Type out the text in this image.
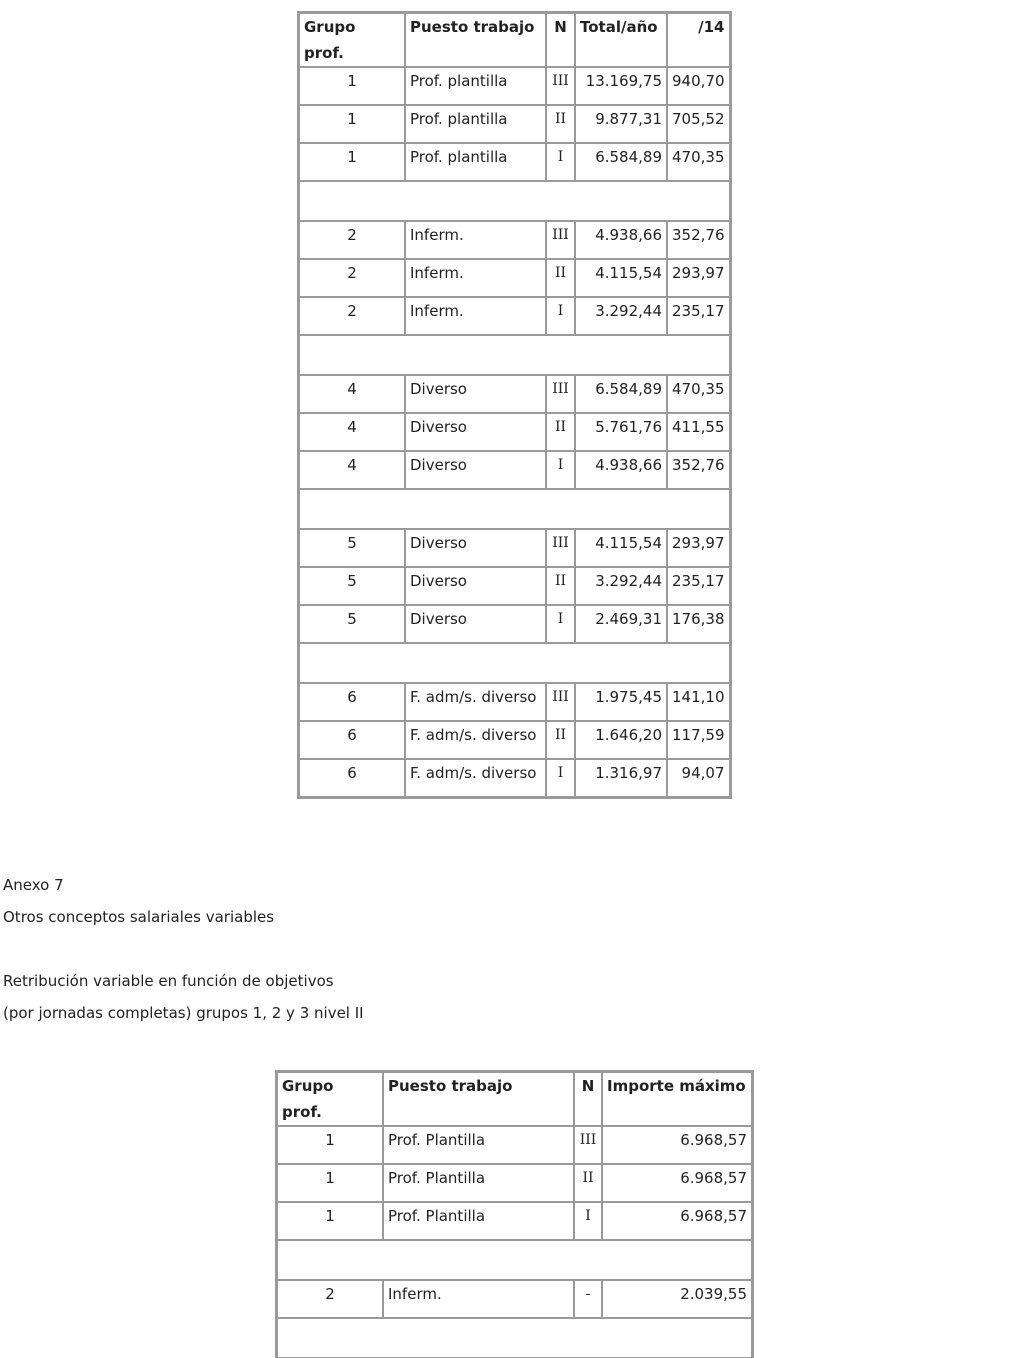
Grupo prof.	Puesto trabajo	N	Total/año	/14
1	Prof. plantilla	III	13.169,75	940,70
1	Prof. plantilla	II	9.877,31	705,52
1	Prof. plantilla	I	6.584,89	470,35

2	Inferm.	III	4.938,66	352,76
2	Inferm.	II	4.115,54	293,97
2	Inferm.	I	3.292,44	235,17

4	Diverso	III	6.584,89	470,35
4	Diverso	II	5.761,76	411,55
4	Diverso	I	4.938,66	352,76

5	Diverso	III	4.115,54	293,97
5	Diverso	II	3.292,44	235,17
5	Diverso	I	2.469,31	176,38

6	F. adm/s. diverso	III	1.975,45	141,10
6	F. adm/s. diverso	II	1.646,20	117,59
6	F. adm/s. diverso	I	1.316,97	94,07

Anexo 7

Otros conceptos salariales variables

Retribución variable en función de objetivos

(por jornadas completas) grupos 1, 2 y 3 nivel II

Grupo prof.	Puesto trabajo	N	Importe máximo
1	Prof. Plantilla	III	6.968,57
1	Prof. Plantilla	II	6.968,57
1	Prof. Plantilla	I	6.968,57

2	Inferm.	-	2.039,55
